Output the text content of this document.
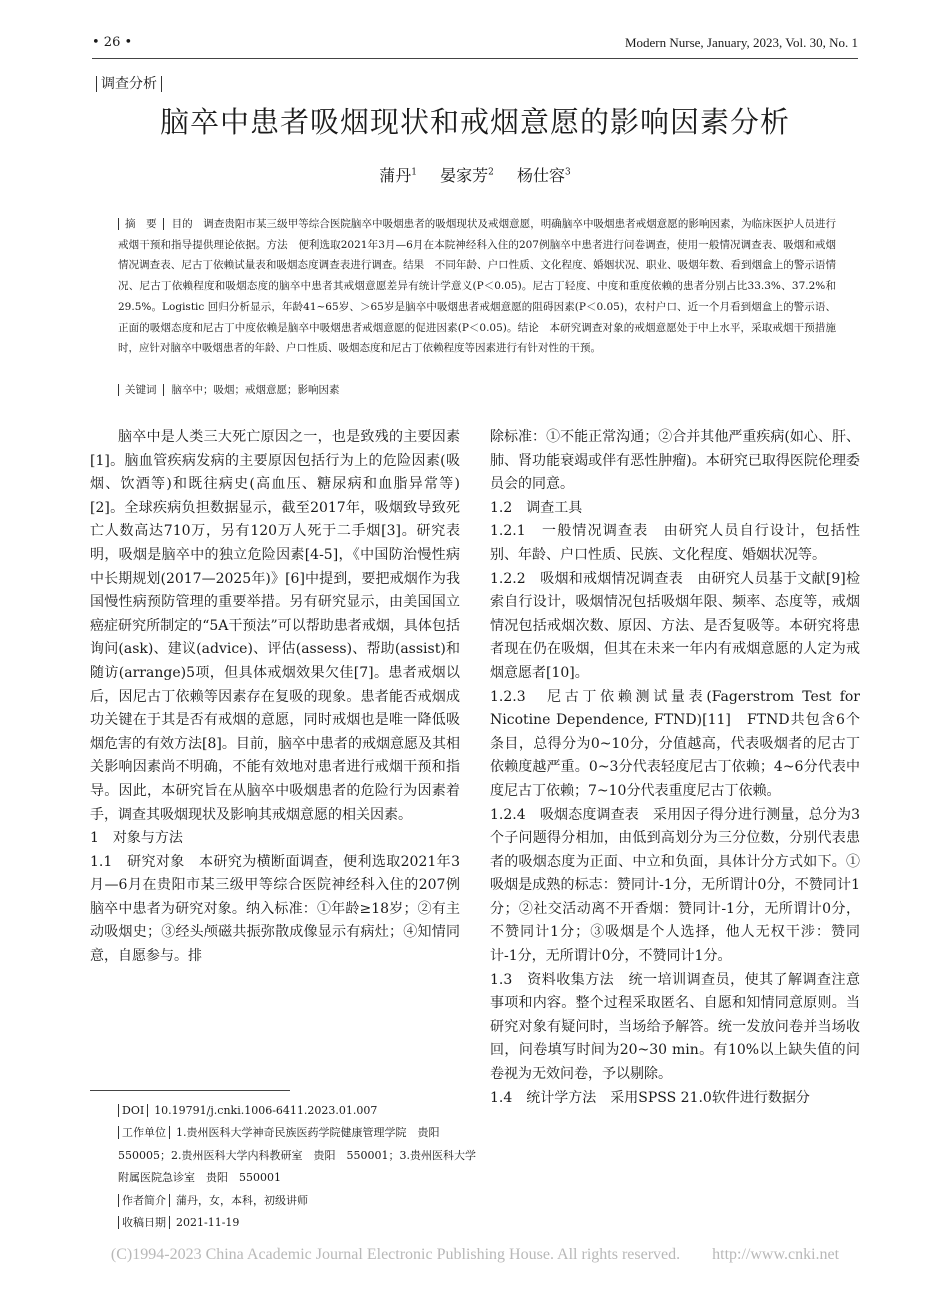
• 26 •	Modern Nurse, January, 2023, Vol. 30, No. 1
调查分析
脑卒中患者吸烟现状和戒烟意愿的影响因素分析
蒲丹$^1$ 晏家芳$^2$ 杨仕容$^3$
摘　要 目的　调查贵阳市某三级甲等综合医院脑卒中吸烟患者的吸烟现状及戒烟意愿，明确脑卒中吸烟患者戒烟意愿的影响因素，为临床医护人员进行戒烟干预和指导提供理论依据。方法　便利选取2021年3月—6月在本院神经科入住的207例脑卒中患者进行问卷调查，使用一般情况调查表、吸烟和戒烟情况调查表、尼古丁依赖试量表和吸烟态度调查表进行调查。结果　不同年龄、户口性质、文化程度、婚姻状况、职业、吸烟年数、看到烟盒上的警示语情况、尼古丁依赖程度和吸烟态度的脑卒中患者其戒烟意愿差异有统计学意义(P＜0.05)。尼古丁轻度、中度和重度依赖的患者分别占比33.3%、37.2%和29.5%。Logistic 回归分析显示，年龄41~65岁、＞65岁是脑卒中吸烟患者戒烟意愿的阻碍因素(P＜0.05)，农村户口、近一个月看到烟盒上的警示语、正面的吸烟态度和尼古丁中度依赖是脑卒中吸烟患者戒烟意愿的促进因素(P＜0.05)。结论　本研究调查对象的戒烟意愿处于中上水平，采取戒烟干预措施时，应针对脑卒中吸烟患者的年龄、户口性质、吸烟态度和尼古丁依赖程度等因素进行有针对性的干预。
关键词 脑卒中；吸烟；戒烟意愿；影响因素

脑卒中是人类三大死亡原因之一，也是致残的主要因素[1]。脑血管疾病发病的主要原因包括行为上的危险因素(吸烟、饮酒等)和既往病史(高血压、糖尿病和血脂异常等)[2]。全球疾病负担数据显示，截至2017年，吸烟致导致死亡人数高达710万，另有120万人死于二手烟[3]。研究表明，吸烟是脑卒中的独立危险因素[4-5]，《中国防治慢性病中长期规划(2017—2025年)》[6]中提到，要把戒烟作为我国慢性病预防管理的重要举措。另有研究显示，由美国国立癌症研究所制定的“5A干预法”可以帮助患者戒烟，具体包括询问(ask)、建议(advice)、评估(assess)、帮助(assist)和随访(arrange)5项，但具体戒烟效果欠佳[7]。患者戒烟以后，因尼古丁依赖等因素存在复吸的现象。患者能否戒烟成功关键在于其是否有戒烟的意愿，同时戒烟也是唯一降低吸烟危害的有效方法[8]。目前，脑卒中患者的戒烟意愿及其相关影响因素尚不明确，不能有效地对患者进行戒烟干预和指导。因此，本研究旨在从脑卒中吸烟患者的危险行为因素着手，调查其吸烟现状及影响其戒烟意愿的相关因素。

1　对象与方法

1.1　研究对象　本研究为横断面调查，便利选取2021年3月—6月在贵阳市某三级甲等综合医院神经科入住的207例脑卒中患者为研究对象。纳入标准：①年龄≥18岁；②有主动吸烟史；③经头颅磁共振弥散成像显示有病灶；④知情同意，自愿参与。排

除标准：①不能正常沟通；②合并其他严重疾病(如心、肝、肺、肾功能衰竭或伴有恶性肿瘤)。本研究已取得医院伦理委员会的同意。

1.2　调查工具

1.2.1　一般情况调查表　由研究人员自行设计，包括性别、年龄、户口性质、民族、文化程度、婚姻状况等。

1.2.2　吸烟和戒烟情况调查表　由研究人员基于文献[9]检索自行设计，吸烟情况包括吸烟年限、频率、态度等，戒烟情况包括戒烟次数、原因、方法、是否复吸等。本研究将患者现在仍在吸烟，但其在未来一年内有戒烟意愿的人定为戒烟意愿者[10]。

1.2.3　尼古丁依赖测试量表(Fagerstrom Test for Nicotine Dependence, FTND)[11]　FTND共包含6个条目，总得分为0~10分，分值越高，代表吸烟者的尼古丁依赖度越严重。0~3分代表轻度尼古丁依赖；4~6分代表中度尼古丁依赖；7~10分代表重度尼古丁依赖。

1.2.4　吸烟态度调查表　采用因子得分进行测量，总分为3个子问题得分相加，由低到高划分为三分位数，分别代表患者的吸烟态度为正面、中立和负面，具体计分方式如下。①吸烟是成熟的标志：赞同计-1分，无所谓计0分，不赞同计1分；②社交活动离不开香烟：赞同计-1分，无所谓计0分，不赞同计1分；③吸烟是个人选择，他人无权干涉：赞同计-1分，无所谓计0分，不赞同计1分。

1.3　资料收集方法　统一培训调查员，使其了解调查注意事项和内容。整个过程采取匿名、自愿和知情同意原则。当研究对象有疑问时，当场给予解答。统一发放问卷并当场收回，问卷填写时间为20~30 min。有10%以上缺失值的问卷视为无效问卷，予以剔除。

1.4　统计学方法　采用SPSS 21.0软件进行数据分

DOI 10.19791/j.cnki.1006-6411.2023.01.007

工作单位 1.贵州医科大学神奇民族医药学院健康管理学院　贵阳　550005；2.贵州医科大学内科教研室　贵阳　550001；3.贵州医科大学附属医院急诊室　贵阳　550001

作者简介 蒲丹，女，本科，初级讲师

收稿日期 2021-11-19

(C)1994-2023 China Academic Journal Electronic Publishing House. All rights reserved.　　http://www.cnki.net
